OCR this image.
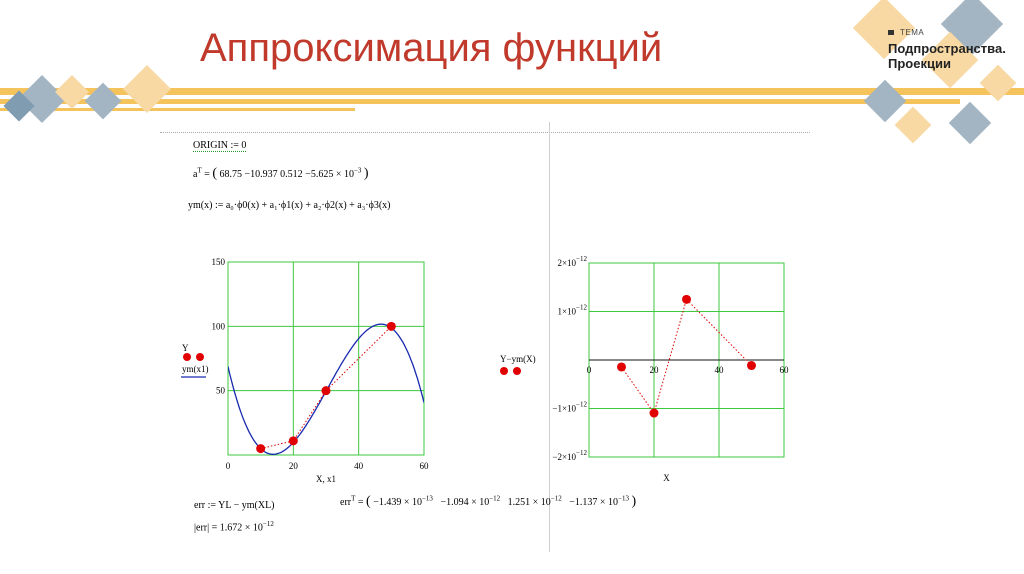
ТЕМА
Подпространства.
Проекции
Аппроксимация функций
ORIGIN := 0
$a^T$ = ( 68.75 −10.937 $0.512 -5.625 \times 10^{-3}$ )
ym(x) := a₀·ϕ0(x) + a₁·ϕ1(x) + a₂·ϕ2(x) + a₃·ϕ3(x)
0	20	40	60
50
100
150
X, x1
Y
ym(x1)	0	20	40	60
$2\times 10^{-12}$
$1\times 10^{-12}$
$-1\times 10^{-12}$
$-2\times 10^{-12}$
X
Y−ym(X)
err := YL − ym(XL)	err$^T$ = ( $-1.439 \times 10^{-13} -1.094 \times 10^{-12}$ $1.251 \times 10^{-12} -1.137 \times 10^{-13}$ )
$|err| = 1.672 \times 10^{-12}$
